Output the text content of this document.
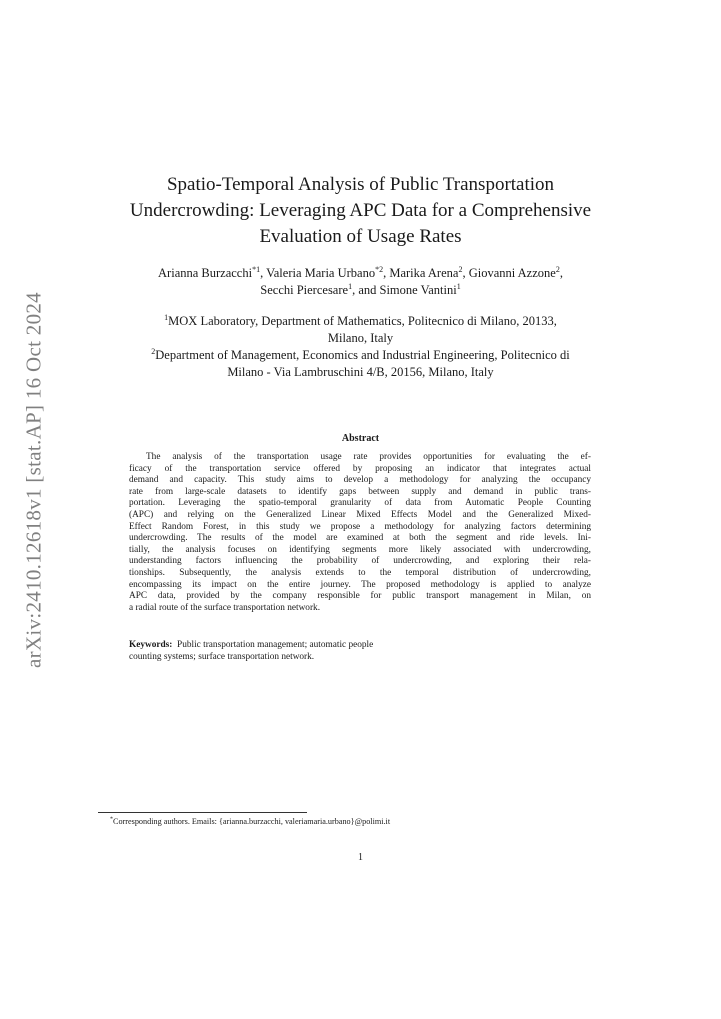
arXiv:2410.12618v1 [stat.AP] 16 Oct 2024
Spatio-Temporal Analysis of Public Transportation
Undercrowding: Leveraging APC Data for a Comprehensive
Evaluation of Usage Rates
Arianna Burzacchi$^{*1}$, Valeria Maria Urbano$^{*2}$, Marika Arena$^2$, Giovanni Azzone$^2$,
Secchi Piercesare$^1$, and Simone Vantini$^1$
$^1$MOX Laboratory, Department of Mathematics, Politecnico di Milano, 20133,
Milano, Italy
$^2$Department of Management, Economics and Industrial Engineering, Politecnico di
Milano - Via Lambruschini 4/B, 20156, Milano, Italy
Abstract
The analysis of the transportation usage rate provides opportunities for evaluating the ef-
ficacy of the transportation service offered by proposing an indicator that integrates actual
demand and capacity. This study aims to develop a methodology for analyzing the occupancy
rate from large-scale datasets to identify gaps between supply and demand in public trans-
portation. Leveraging the spatio-temporal granularity of data from Automatic People Counting
(APC) and relying on the Generalized Linear Mixed Effects Model and the Generalized Mixed-
Effect Random Forest, in this study we propose a methodology for analyzing factors determining
undercrowding. The results of the model are examined at both the segment and ride levels. Ini-
tially, the analysis focuses on identifying segments more likely associated with undercrowding,
understanding factors influencing the probability of undercrowding, and exploring their rela-
tionships. Subsequently, the analysis extends to the temporal distribution of undercrowding,
encompassing its impact on the entire journey. The proposed methodology is applied to analyze
APC data, provided by the company responsible for public transport management in Milan, on
a radial route of the surface transportation network.
Keywords: Public transportation management; automatic people
counting systems; surface transportation network.
*Corresponding authors. Emails: {arianna.burzacchi, valeriamaria.urbano}@polimi.it
1
